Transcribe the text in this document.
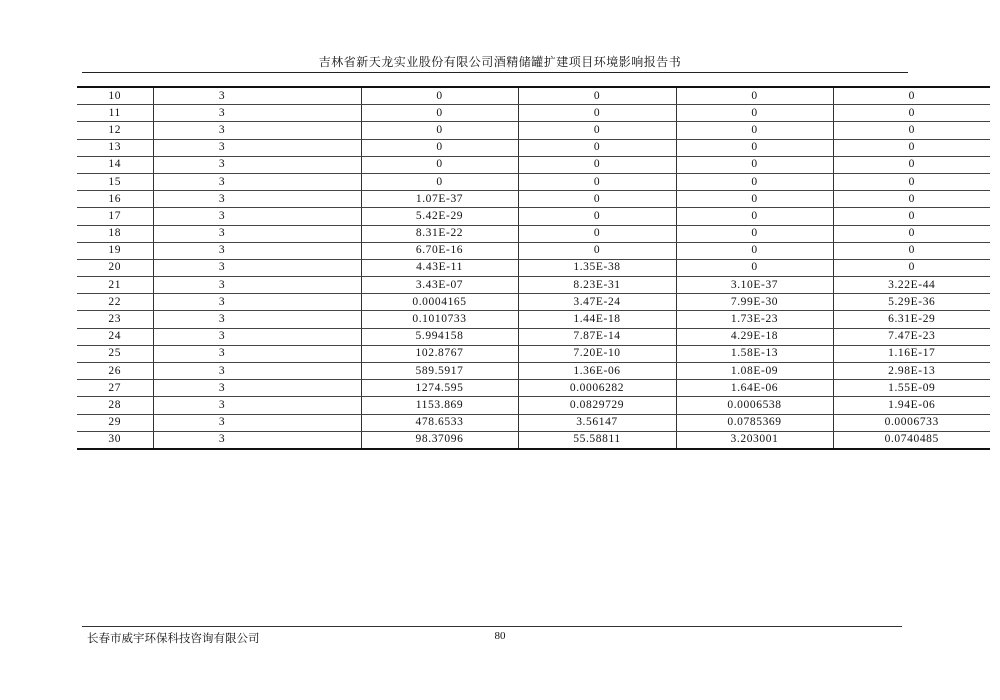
吉林省新天龙实业股份有限公司酒精储罐扩建项目环境影响报告书
10	3	0	0	0	0
11	3	0	0	0	0
12	3	0	0	0	0
13	3	0	0	0	0
14	3	0	0	0	0
15	3	0	0	0	0
16	3	1.07E-37	0	0	0
17	3	5.42E-29	0	0	0
18	3	8.31E-22	0	0	0
19	3	6.70E-16	0	0	0
20	3	4.43E-11	1.35E-38	0	0
21	3	3.43E-07	8.23E-31	3.10E-37	3.22E-44
22	3	0.0004165	3.47E-24	7.99E-30	5.29E-36
23	3	0.1010733	1.44E-18	1.73E-23	6.31E-29
24	3	5.994158	7.87E-14	4.29E-18	7.47E-23
25	3	102.8767	7.20E-10	1.58E-13	1.16E-17
26	3	589.5917	1.36E-06	1.08E-09	2.98E-13
27	3	1274.595	0.0006282	1.64E-06	1.55E-09
28	3	1153.869	0.0829729	0.0006538	1.94E-06
29	3	478.6533	3.56147	0.0785369	0.0006733
30	3	98.37096	55.58811	3.203001	0.0740485
长春市威宇环保科技咨询有限公司	80
